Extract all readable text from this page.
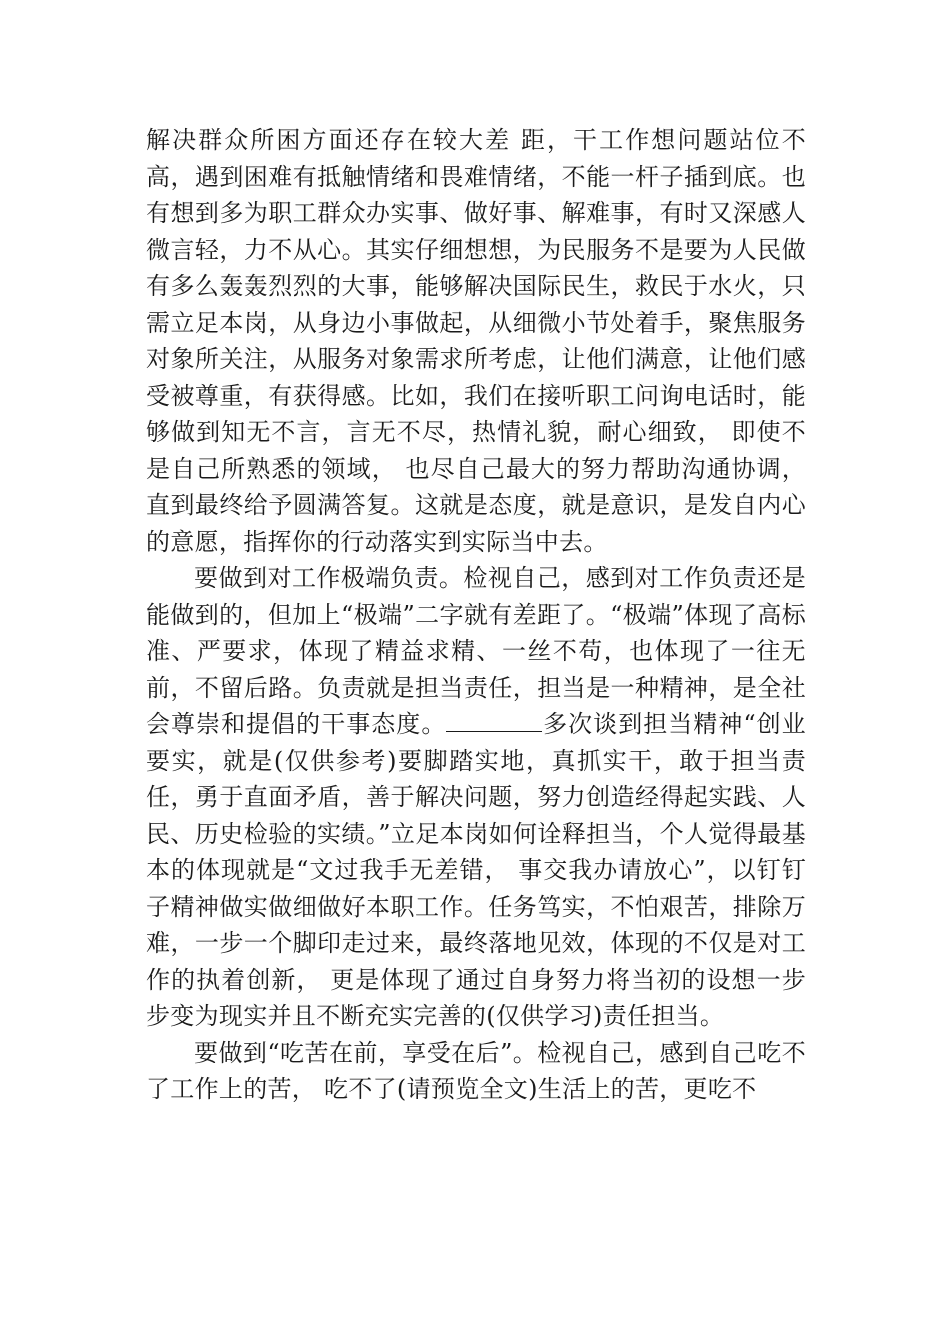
解决群众所困方面还存在较大差 距，干工作想问题站位不高，遇到困难有抵触情绪和畏难情绪，不能一杆子插到底。也有想到多为职工群众办实事、做好事、解难事，有时又深感人微言轻，力不从心。其实仔细想想，为民服务不是要为人民做有多么轰轰烈烈的大事，能够解决国际民生，救民于水火，只需立足本岗，从身边小事做起，从细微小节处着手，聚焦服务对象所关注，从服务对象需求所考虑，让他们满意，让他们感受被尊重，有获得感。比如，我们在接听职工问询电话时，能够做到知无不言，言无不尽，热情礼貌，耐心细致， 即使不是自己所熟悉的领域， 也尽自己最大的努力帮助沟通协调， 直到最终给予圆满答复。这就是态度，就是意识，是发自内心的意愿，指挥你的行动落实到实际当中去。

要做到对工作极端负责。检视自己，感到对工作负责还是能做到的，但加上“极端”二字就有差距了。“极端”体现了高标准、严要求，体现了精益求精、一丝不苟，也体现了一往无前，不留后路。负责就是担当责任，担当是一种精神，是全社会尊崇和提倡的干事态度。	多次谈到担当精神“创业要实，就是(仅供参考)要脚踏实地，真抓实干，敢于担当责任，勇于直面矛盾，善于解决问题，努力创造经得起实践、人民、历史检验的实绩。”立足本岗如何诠释担当，个人觉得最基本的体现就是“文过我手无差错， 事交我办请放心”，以钉钉子精神做实做细做好本职工作。任务笃实，不怕艰苦，排除万难，一步一个脚印走过来，最终落地见效，体现的不仅是对工作的执着创新， 更是体现了通过自身努力将当初的设想一步步变为现实并且不断充实完善的(仅供学习)责任担当。

要做到“吃苦在前，享受在后”。检视自己，感到自己吃不了工作上的苦， 吃不了(请预览全文)生活上的苦，更吃不
